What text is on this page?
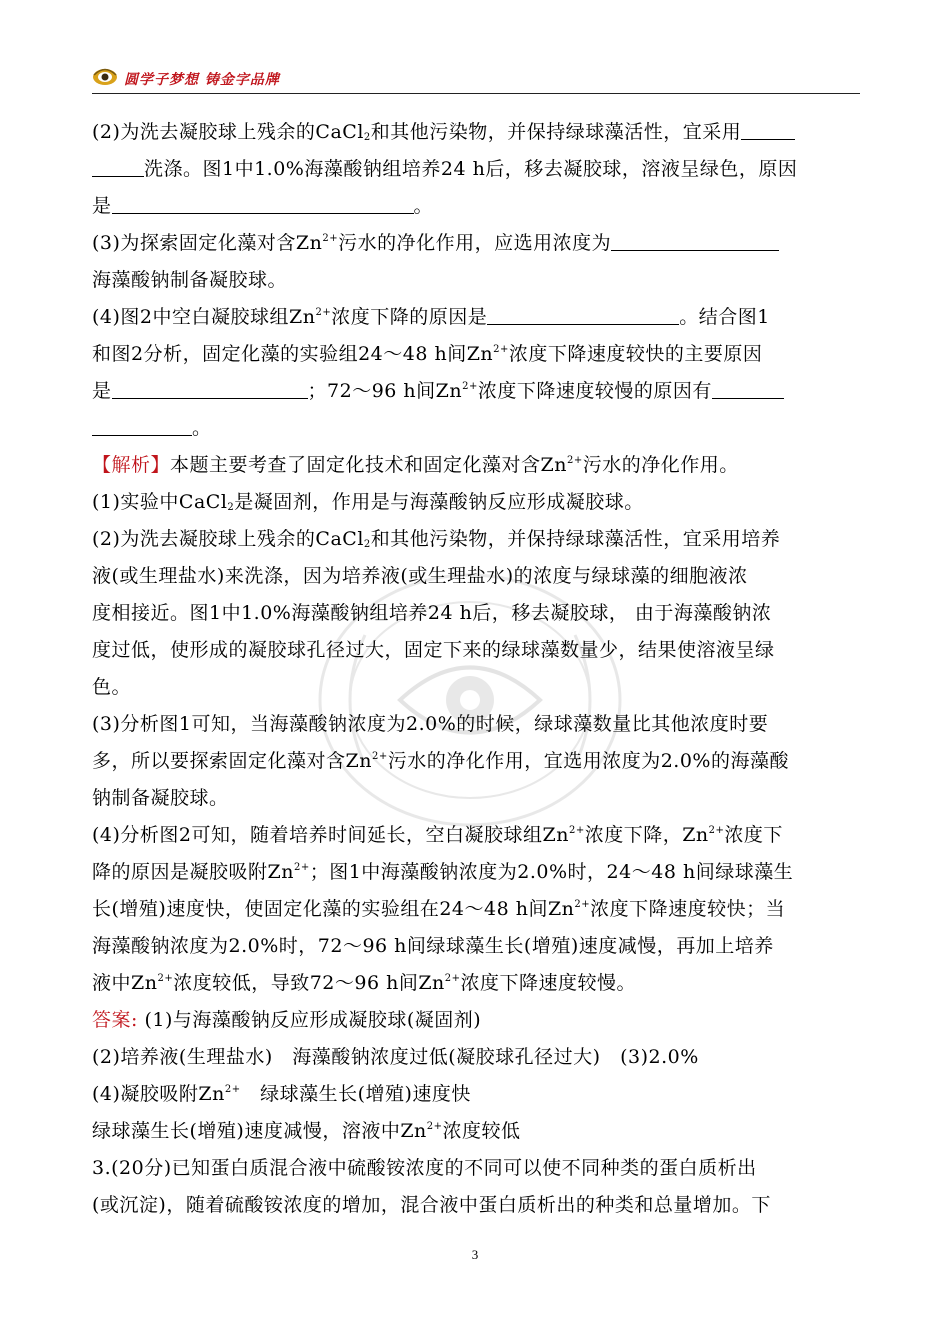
圆学子梦想 铸金字品牌
(2)为洗去凝胶球上残余的CaCl$_2$和其他污染物，并保持绿球藻活性，宜采用
洗涤。图1中1.0%海藻酸钠组培养24 h后，移去凝胶球，溶液呈绿色，原因
是	。
(3)为探索固定化藻对含$Zn^{2+}$污水的净化作用，应选用浓度为
海藻酸钠制备凝胶球。
(4)图2中空白凝胶球组$Zn^{2+}$浓度下降的原因是	。结合图1
和图2分析，固定化藻的实验组24～48 h间$Zn^{2+}$浓度下降速度较快的主要原因
是	；72～96 h间$Zn^{2+}$浓度下降速度较慢的原因有
。
【解析】本题主要考查了固定化技术和固定化藻对含$Zn^{2+}$污水的净化作用。
(1)实验中CaCl$_2$是凝固剂，作用是与海藻酸钠反应形成凝胶球。
(2)为洗去凝胶球上残余的CaCl$_2$和其他污染物，并保持绿球藻活性，宜采用培养
液(或生理盐水)来洗涤，因为培养液(或生理盐水)的浓度与绿球藻的细胞液浓
度相接近。图1中1.0%海藻酸钠组培养24 h后，移去凝胶球， 由于海藻酸钠浓
度过低，使形成的凝胶球孔径过大，固定下来的绿球藻数量少，结果使溶液呈绿
色。
(3)分析图1可知，当海藻酸钠浓度为2.0%的时候，绿球藻数量比其他浓度时要
多，所以要探索固定化藻对含$Zn^{2+}$污水的净化作用，宜选用浓度为2.0%的海藻酸
钠制备凝胶球。
(4)分析图2可知，随着培养时间延长，空白凝胶球组$Zn^{2+}$浓度下降，$Zn^{2+}$浓度下
降的原因是凝胶吸附$Zn^{2+}$；图1中海藻酸钠浓度为2.0%时，24～48 h间绿球藻生
长(增殖)速度快，使固定化藻的实验组在24～48 h间$Zn^{2+}$浓度下降速度较快；当
海藻酸钠浓度为2.0%时，72～96 h间绿球藻生长(增殖)速度减慢，再加上培养
液中$Zn^{2+}$浓度较低，导致72～96 h间$Zn^{2+}$浓度下降速度较慢。
答案: (1)与海藻酸钠反应形成凝胶球(凝固剂)
(2)培养液(生理盐水)　海藻酸钠浓度过低(凝胶球孔径过大)　(3)2.0%
(4)凝胶吸附$Zn^{2+}$　绿球藻生长(增殖)速度快
绿球藻生长(增殖)速度减慢，溶液中$Zn^{2+}$浓度较低
3.(20分)已知蛋白质混合液中硫酸铵浓度的不同可以使不同种类的蛋白质析出
(或沉淀)，随着硫酸铵浓度的增加，混合液中蛋白质析出的种类和总量增加。下
3
